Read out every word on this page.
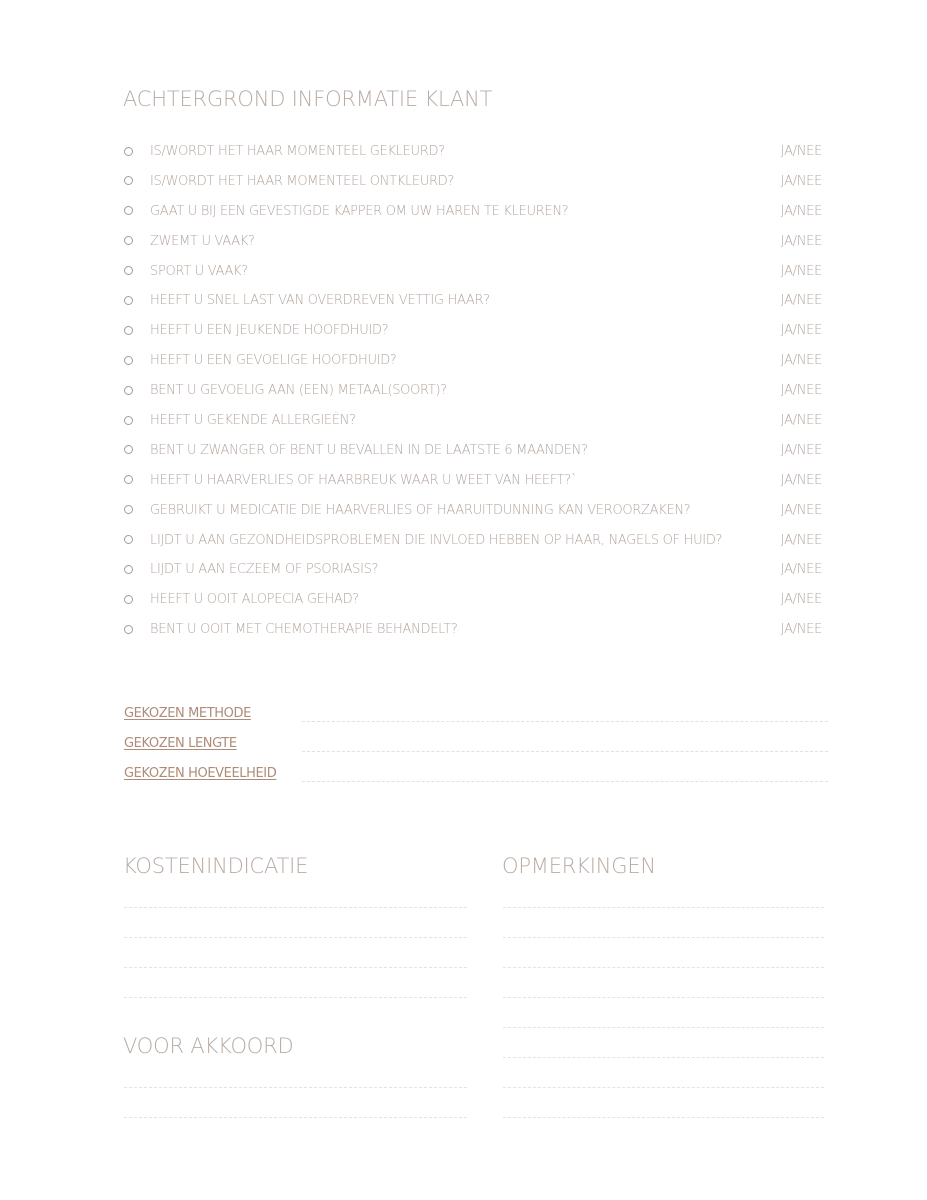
ACHTERGROND INFORMATIE KLANT
IS/WORDT HET HAAR MOMENTEEL GEKLEURD?	JA/NEE
IS/WORDT HET HAAR MOMENTEEL ONTKLEURD?	JA/NEE
GAAT U BIJ EEN GEVESTIGDE KAPPER OM UW HAREN TE KLEUREN?	JA/NEE
ZWEMT U VAAK?	JA/NEE
SPORT U VAAK?	JA/NEE
HEEFT U SNEL LAST VAN OVERDREVEN VETTIG HAAR?	JA/NEE
HEEFT U EEN JEUKENDE HOOFDHUID?	JA/NEE
HEEFT U EEN GEVOELIGE HOOFDHUID?	JA/NEE
BENT U GEVOELIG AAN (EEN) METAAL(SOORT)?	JA/NEE
HEEFT U GEKENDE ALLERGIEËN?	JA/NEE
BENT U ZWANGER OF BENT U BEVALLEN IN DE LAATSTE 6 MAANDEN?	JA/NEE
HEEFT U HAARVERLIES OF HAARBREUK WAAR U WEET VAN HEEFT?`	JA/NEE
GEBRUIKT U MEDICATIE DIE HAARVERLIES OF HAARUITDUNNING KAN VEROORZAKEN?	JA/NEE
LIJDT U AAN GEZONDHEIDSPROBLEMEN DIE INVLOED HEBBEN OP HAAR, NAGELS OF HUID?	JA/NEE
LIJDT U AAN ECZEEM OF PSORIASIS?	JA/NEE
HEEFT U OOIT ALOPECIA GEHAD?	JA/NEE
BENT U OOIT MET CHEMOTHERAPIE BEHANDELT?	JA/NEE
GEKOZEN METHODE
GEKOZEN LENGTE
GEKOZEN HOEVEELHEID
KOSTENINDICATIE	OPMERKINGEN
VOOR AKKOORD
